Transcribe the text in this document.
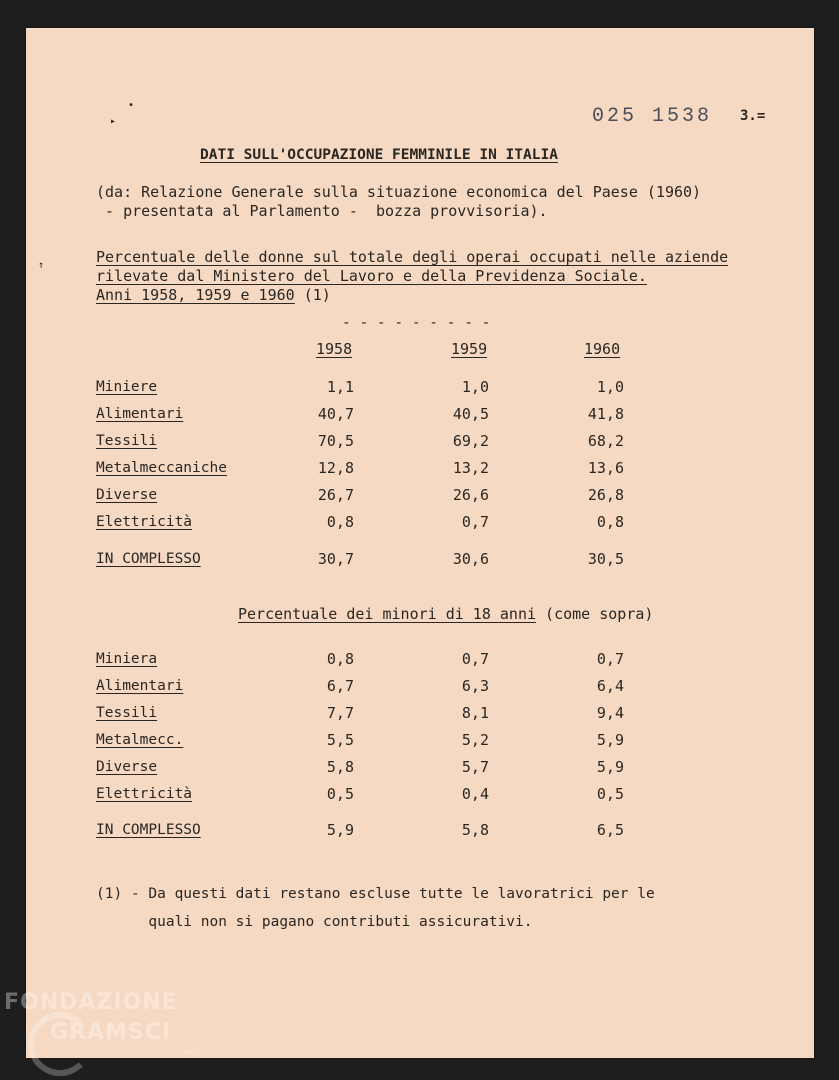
•
▸
↑
025 1538 3.=
DATI SULL'OCCUPAZIONE FEMMINILE IN ITALIA
(da: Relazione Generale sulla situazione economica del Paese (1960)
- presentata al Parlamento -  bozza provvisoria).
Percentuale delle donne sul totale degli operai occupati nelle aziende
rilevate dal Ministero del Lavoro e della Previdenza Sociale.
Anni 1958, 1959 e 1960 (1)
- - - - - - - - -
1958	1959	1960
Miniere	1,1	1,0	1,0
Alimentari	40,7	40,5	41,8
Tessili	70,5	69,2	68,2
Metalmeccaniche	12,8	13,2	13,6
Diverse	26,7	26,6	26,8
Elettricità	0,8	0,7	0,8
IN COMPLESSO	30,7	30,6	30,5
Percentuale dei minori di 18 anni (come sopra)
Miniera	0,8	0,7	0,7
Alimentari	6,7	6,3	6,4
Tessili	7,7	8,1	9,4
Metalmecc.	5,5	5,2	5,9
Diverse	5,8	5,7	5,9
Elettricità	0,5	0,4	0,5
IN COMPLESSO	5,9	5,8	6,5
(1) - Da questi dati restano escluse tutte le lavoratrici per le
quali non si pagano contributi assicurativi.
FONDAZIONE
GRAMSCI
onlus
